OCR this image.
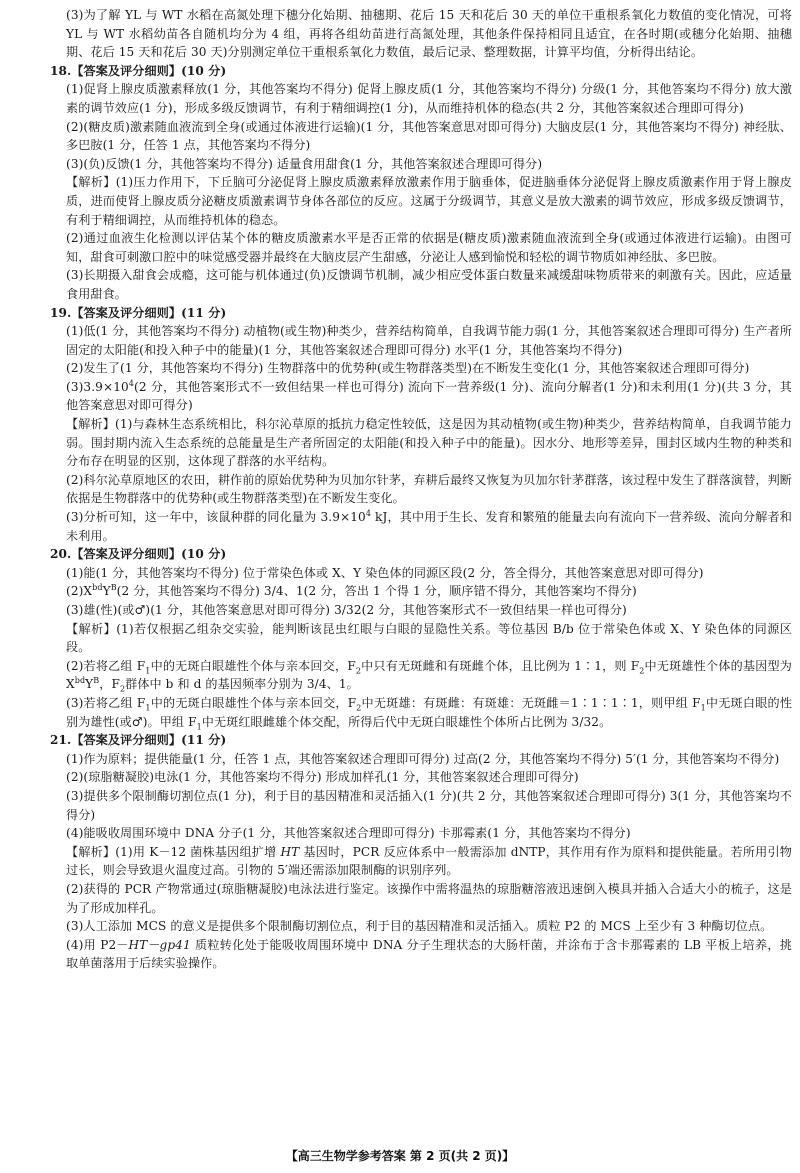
(3)为了解 YL 与 WT 水稻在高氮处理下穗分化始期、抽穗期、花后 15 天和花后 30 天的单位干重根系氧化力数值的变化情况，可将 YL 与 WT 水稻幼苗各自随机均分为 4 组，再将各组幼苗进行高氮处理，其他条件保持相同且适宜，在各时期(或穗分化始期、抽穗期、花后 15 天和花后 30 天)分别测定单位干重根系氧化力数值，最后记录、整理数据，计算平均值，分析得出结论。

18.【答案及评分细则】(10 分)

(1)促肾上腺皮质激素释放(1 分，其他答案均不得分) 促肾上腺皮质(1 分，其他答案均不得分) 分级(1 分，其他答案均不得分) 放大激素的调节效应(1 分)，形成多级反馈调节，有利于精细调控(1 分)，从而维持机体的稳态(共 2 分，其他答案叙述合理即可得分)

(2)(糖皮质)激素随血液流到全身(或通过体液进行运输)(1 分，其他答案意思对即可得分) 大脑皮层(1 分，其他答案均不得分) 神经肽、多巴胺(1 分，任答 1 点，其他答案均不得分)

(3)(负)反馈(1 分，其他答案均不得分) 适量食用甜食(1 分，其他答案叙述合理即可得分)

【解析】(1)压力作用下，下丘脑可分泌促肾上腺皮质激素释放激素作用于脑垂体，促进脑垂体分泌促肾上腺皮质激素作用于肾上腺皮质，进而使肾上腺皮质分泌糖皮质激素调节身体各部位的反应。这属于分级调节，其意义是放大激素的调节效应，形成多级反馈调节，有利于精细调控，从而维持机体的稳态。

(2)通过血液生化检测以评估某个体的糖皮质激素水平是否正常的依据是(糖皮质)激素随血液流到全身(或通过体液进行运输)。由图可知，甜食可刺激口腔中的味觉感受器并最终在大脑皮层产生甜感，分泌让人感到愉悦和轻松的调节物质如神经肽、多巴胺。

(3)长期摄入甜食会成瘾，这可能与机体通过(负)反馈调节机制，减少相应受体蛋白数量来减缓甜味物质带来的刺激有关。因此，应适量食用甜食。

19.【答案及评分细则】(11 分)

(1)低(1 分，其他答案均不得分) 动植物(或生物)种类少，营养结构简单，自我调节能力弱(1 分，其他答案叙述合理即可得分) 生产者所固定的太阳能(和投入种子中的能量)(1 分，其他答案叙述合理即可得分) 水平(1 分，其他答案均不得分)

(2)发生了(1 分，其他答案均不得分) 生物群落中的优势种(或生物群落类型)在不断发生变化(1 分，其他答案叙述合理即可得分)

$(3)3.9\times 10^4(2$ 分，其他答案形式不一致但结果一样也可得分) 流向下一营养级(1 分)、流向分解者(1 分)和未利用(1 分)(共 3 分，其他答案意思对即可得分)

【解析】(1)与森林生态系统相比，科尔沁草原的抵抗力稳定性较低，这是因为其动植物(或生物)种类少，营养结构简单，自我调节能力弱。围封期内流入生态系统的总能量是生产者所固定的太阳能(和投入种子中的能量)。因水分、地形等差异，围封区域内生物的种类和分布存在明显的区别，这体现了群落的水平结构。

(2)科尔沁草原地区的农田，耕作前的原始优势种为贝加尔针茅，弃耕后最终又恢复为贝加尔针茅群落，该过程中发生了群落演替，判断依据是生物群落中的优势种(或生物群落类型)在不断发生变化。

(3)分析可知，这一年中，该鼠种群的同化量为 $3.9\times 10^4$ kJ，其中用于生长、发育和繁殖的能量去向有流向下一营养级、流向分解者和未利用。

20.【答案及评分细则】(10 分)

(1)能(1 分，其他答案均不得分) 位于常染色体或 X、Y 染色体的同源区段(2 分，答全得分，其他答案意思对即可得分)

$(2)X^{bd}Y^B(2$ 分，其他答案均不得分) 3/4、1(2 分，答出 1 个得 1 分，顺序错不得分，其他答案均不得分)

(3)雄(性)(或♂)(1 分，其他答案意思对即可得分) 3/32(2 分，其他答案形式不一致但结果一样也可得分)

【解析】(1)若仅根据乙组杂交实验，能判断该昆虫红眼与白眼的显隐性关系。等位基因 B/b 位于常染色体或 X、Y 染色体的同源区段。

(2)若将乙组 $F_1$中的无斑白眼雄性个体与亲本回交，$F_2$中只有无斑雌和有斑雌个体，且比例为 1∶1，则 $F_2$中无斑雄性个体的基因型为 $X^{bd}Y^B$，$F_2$群体中 b 和 d 的基因频率分别为 3/4、1。

(3)若将乙组 $F_1$中的无斑白眼雄性个体与亲本回交，$F_2$中无斑雄：有斑雌：有斑雄：无斑雌＝1∶1∶1∶1，则甲组 $F_1$中无斑白眼的性别为雄性(或♂)。甲组 $F_1$中无斑红眼雌雄个体交配，所得后代中无斑白眼雄性个体所占比例为 3/32。

21.【答案及评分细则】(11 分)

(1)作为原料；提供能量(1 分，任答 1 点，其他答案叙述合理即可得分) 过高(2 分，其他答案均不得分) 5′(1 分，其他答案均不得分)

(2)(琼脂糖凝胶)电泳(1 分，其他答案均不得分) 形成加样孔(1 分，其他答案叙述合理即可得分)

(3)提供多个限制酶切割位点(1 分)，利于目的基因精准和灵活插入(1 分)(共 2 分，其他答案叙述合理即可得分) 3(1 分，其他答案均不得分)

(4)能吸收周围环境中 DNA 分子(1 分，其他答案叙述合理即可得分) 卡那霉素(1 分，其他答案均不得分)

【解析】(1)用 K－12 菌株基因组扩增 HT 基因时，PCR 反应体系中一般需添加 dNTP，其作用有作为原料和提供能量。若所用引物过长，则会导致退火温度过高。引物的 5′端还需添加限制酶的识别序列。

(2)获得的 PCR 产物常通过(琼脂糖凝胶)电泳法进行鉴定。该操作中需将温热的琼脂糖溶液迅速倒入模具并插入合适大小的梳子，这是为了形成加样孔。

(3)人工添加 MCS 的意义是提供多个限制酶切割位点，利于目的基因精准和灵活插入。质粒 P2 的 MCS 上至少有 3 种酶切位点。

(4)用 P2－HT－gp41 质粒转化处于能吸收周围环境中 DNA 分子生理状态的大肠杆菌，并涂布于含卡那霉素的 LB 平板上培养，挑取单菌落用于后续实验操作。

【高三生物学参考答案 第 2 页(共 2 页)】
